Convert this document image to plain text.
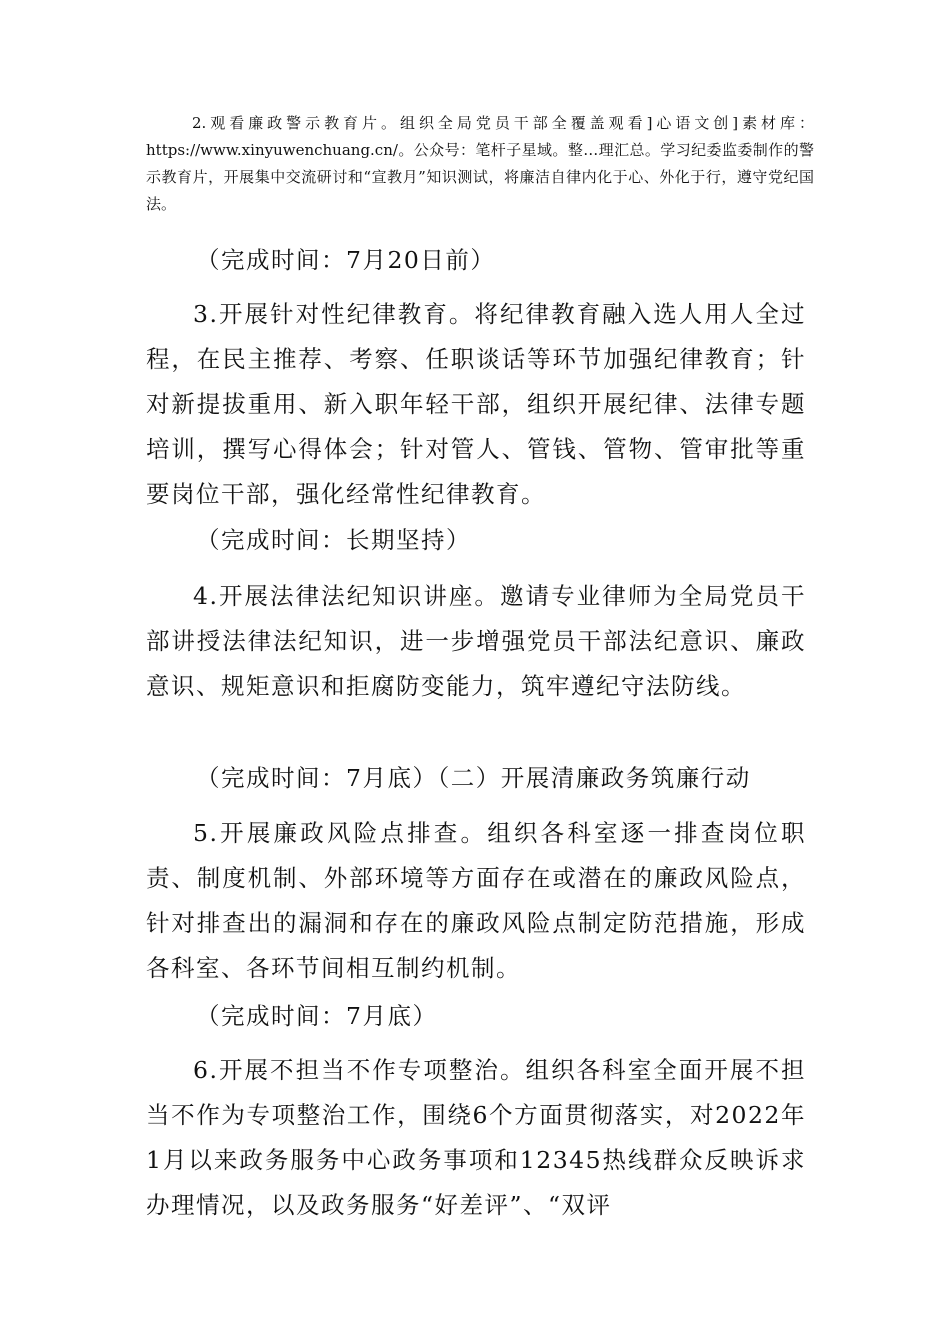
2.观看廉政警示教育片。组织全局党员干部全覆盖观看]心语文创]素材库：https://www.xinyuwenchuang.cn/。公众号：笔杆子星域。整…理汇总。学习纪委监委制作的警示教育片，开展集中交流研讨和“宣教月”知识测试，将廉洁自律内化于心、外化于行，遵守党纪国法。
（完成时间：7月20日前）
3.开展针对性纪律教育。将纪律教育融入选人用人全过程，在民主推荐、考察、任职谈话等环节加强纪律教育；针对新提拔重用、新入职年轻干部，组织开展纪律、法律专题培训，撰写心得体会；针对管人、管钱、管物、管审批等重要岗位干部，强化经常性纪律教育。
（完成时间：长期坚持）
4.开展法律法纪知识讲座。邀请专业律师为全局党员干部讲授法律法纪知识，进一步增强党员干部法纪意识、廉政意识、规矩意识和拒腐防变能力，筑牢遵纪守法防线。
（完成时间：7月底）（二）开展清廉政务筑廉行动
5.开展廉政风险点排查。组织各科室逐一排查岗位职责、制度机制、外部环境等方面存在或潜在的廉政风险点，针对排查出的漏洞和存在的廉政风险点制定防范措施，形成各科室、各环节间相互制约机制。
（完成时间：7月底）
6.开展不担当不作专项整治。组织各科室全面开展不担当不作为专项整治工作，围绕6个方面贯彻落实，对2022年1月以来政务服务中心政务事项和12345热线群众反映诉求办理情况，以及政务服务“好差评”、“双评
